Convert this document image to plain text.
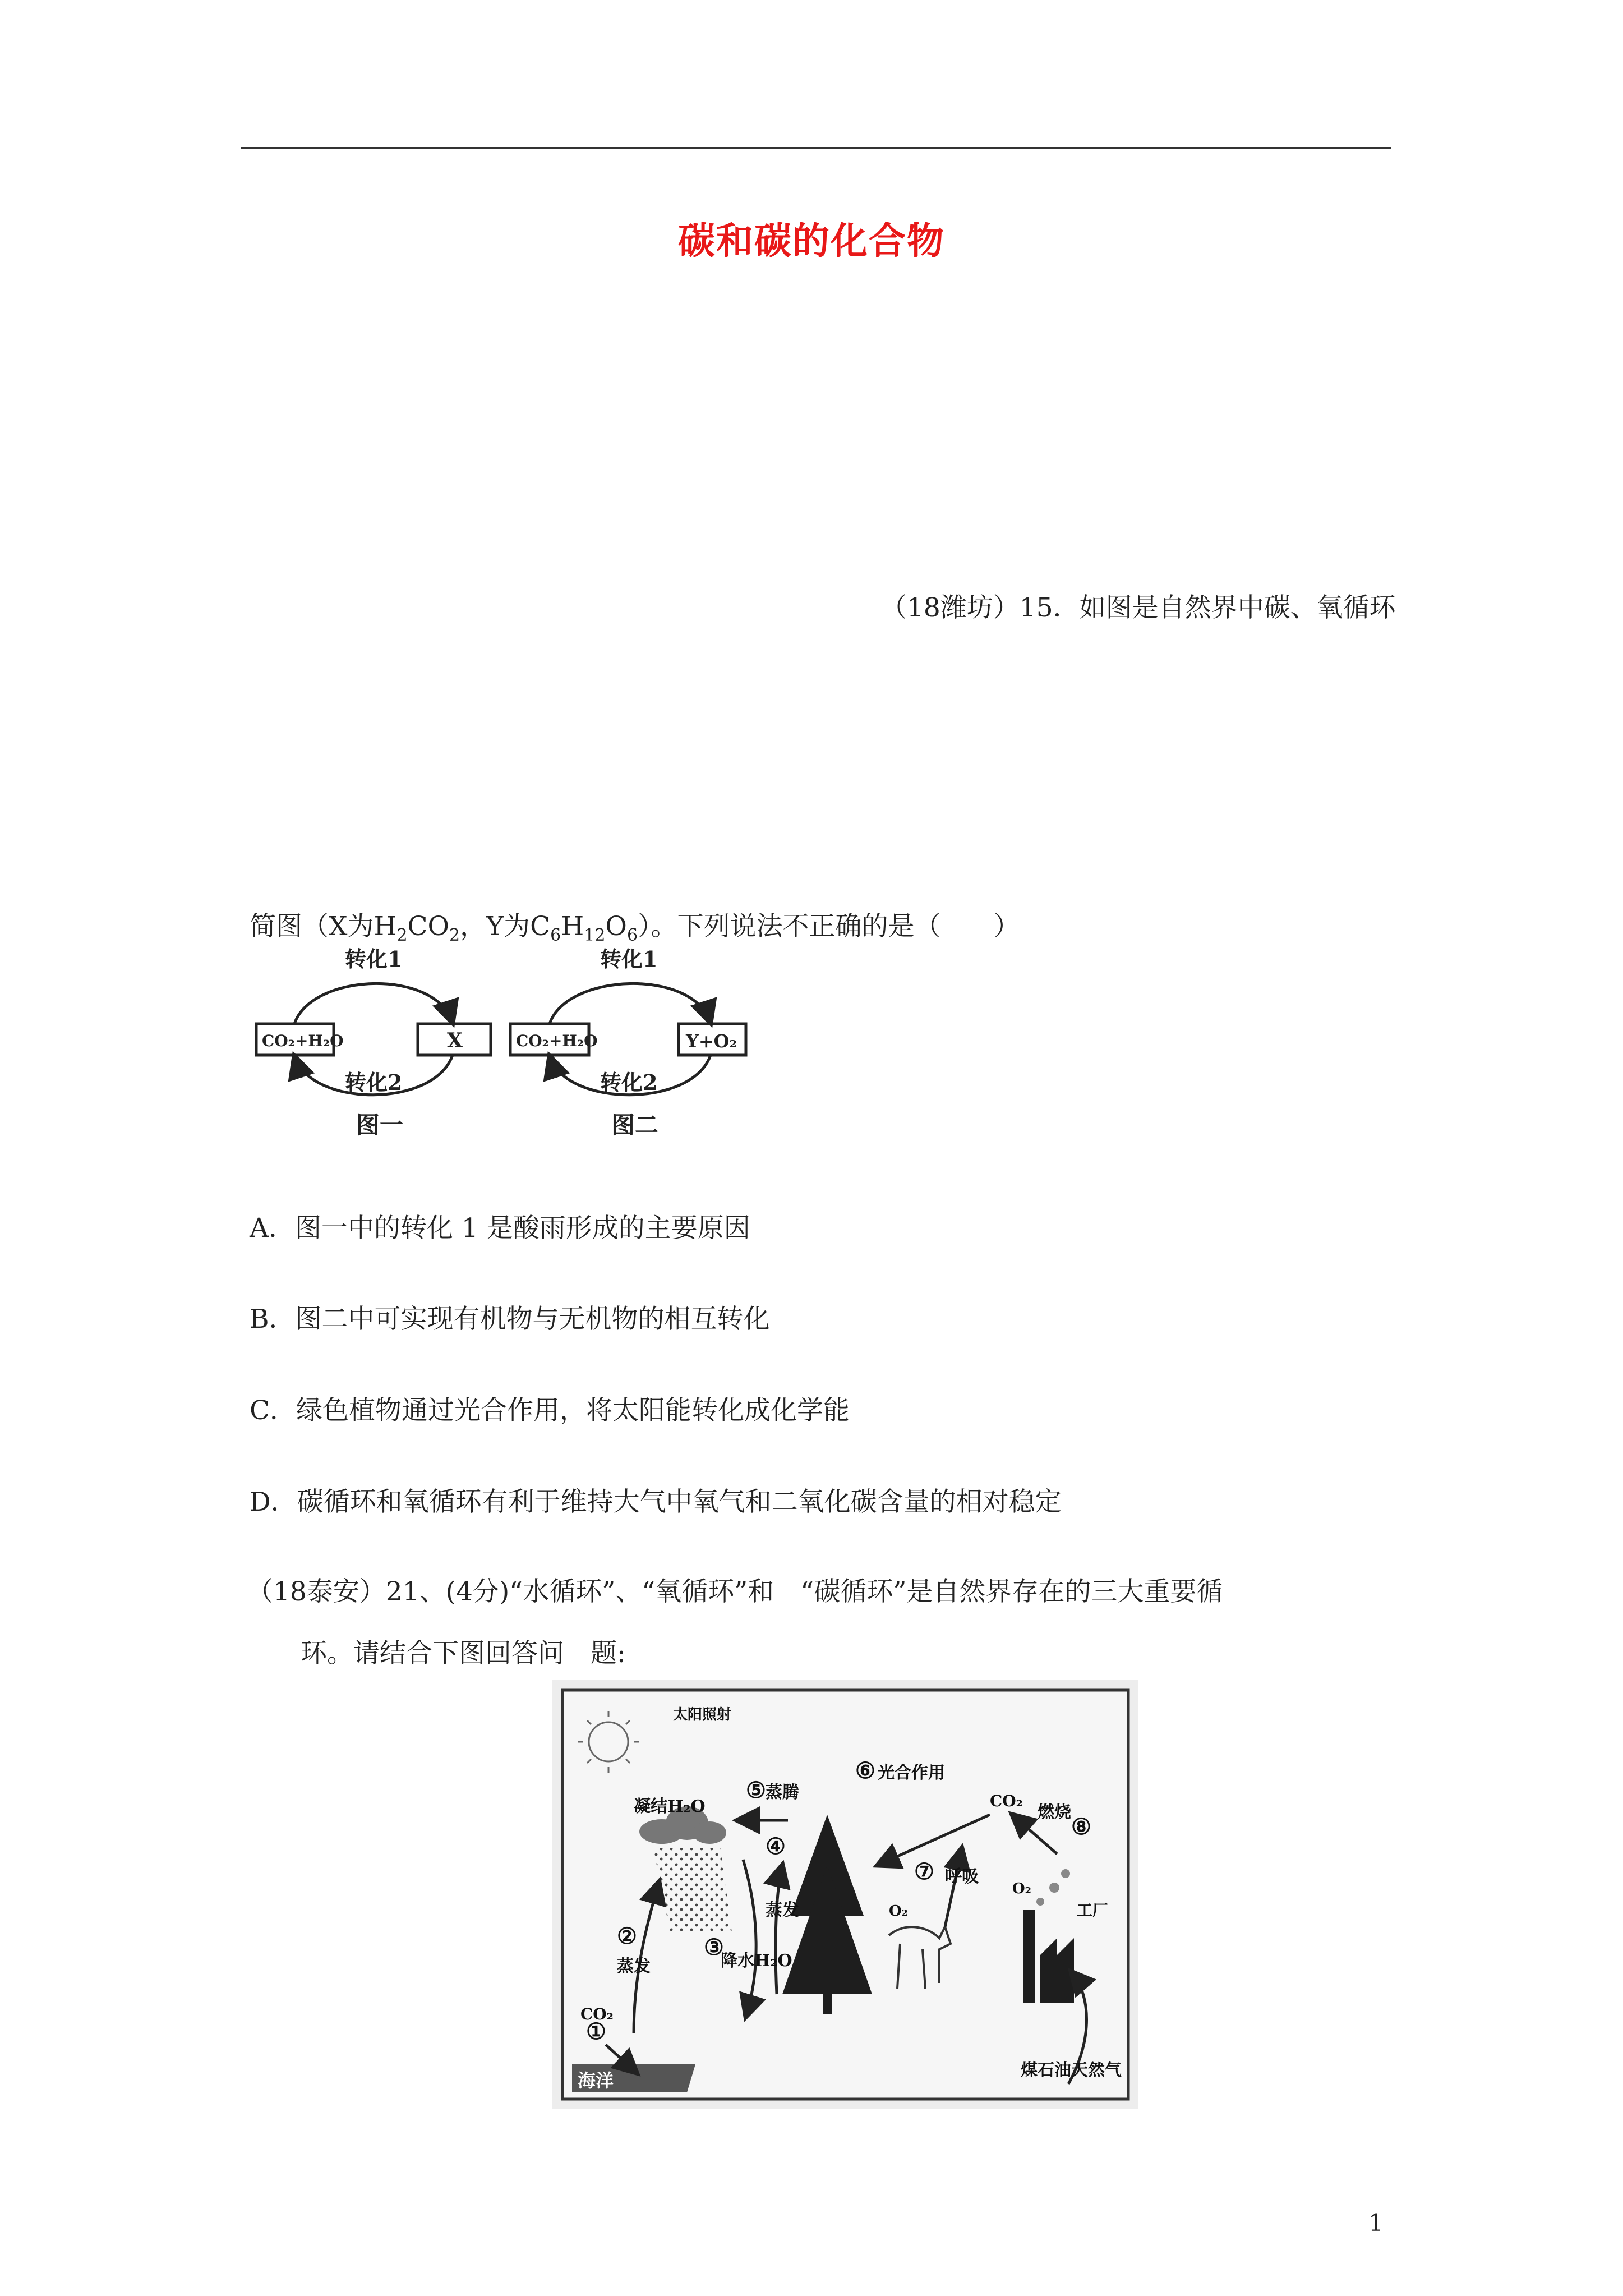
碳和碳的化合物
（18潍坊）15．如图是自然界中碳、氧循环
简图（X为$H_2CO_2$，Y为$C_6H_{12}O_6$）。下列说法不正确的是（　　）
转化1
转化2
CO₂+H₂O	X
图一
转化1
转化2
CO₂+H₂O	Y+O₂
图二
A．图一中的转化 1 是酸雨形成的主要原因
B．图二中可实现有机物与无机物的相互转化
C．绿色植物通过光合作用，将太阳能转化成化学能
D．碳循环和氧循环有利于维持大气中氧气和二氧化碳含量的相对稳定
（18泰安）21、(4分)“水循环”、“氧循环”和　“碳循环”是自然界存在的三大重要循
环。请结合下图回答问　题:
太阳照射
凝结H₂O
①
②	③
④
⑤
⑥
⑦
⑧
CO₂
蒸发	降水H₂O
蒸发
蒸腾
光合作用
CO₂
燃烧
呼吸
O₂
O₂
工厂
煤石油天然气
海洋
1
